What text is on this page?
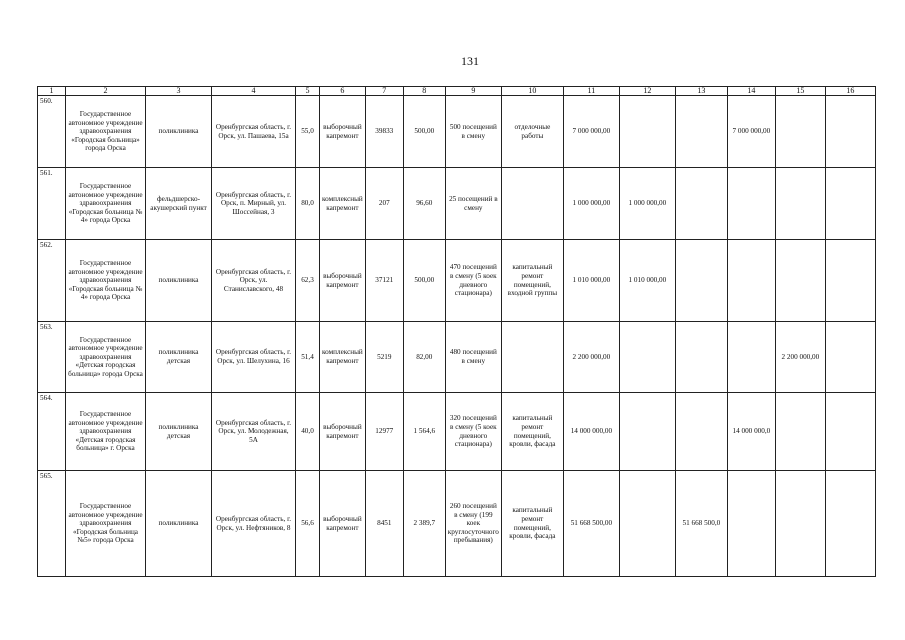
131
1	2	3	4	5	6	7	8	9	10	11	12	13	14	15	16
560.	Государственное автономное учреждение здравоохранения «Городская больница» города Орска	поликлиника	Оренбургская область, г. Орск, ул. Пашаева, 15а	55,0	выборочный капремонт	39833	500,00	500 посещений в смену	отделочные работы	7 000 000,00			7 000 000,00		
561.	Государственное автономное учреждение здравоохранения «Городская больница № 4» города Орска	фельдшерско-акушерский пункт	Оренбургская область, г. Орск, п. Мирный, ул. Шоссейная, 3	80,0	комплексный капремонт	207	96,60	25 посещений в смену		1 000 000,00	1 000 000,00				
562.	Государственное автономное учреждение здравоохранения «Городская больница № 4» города Орска	поликлиника	Оренбургская область, г. Орск, ул. Станиславского, 48	62,3	выборочный капремонт	37121	500,00	470 посещений в смену (5 коек дневного стационара)	капитальный ремонт помещений, входной группы	1 010 000,00	1 010 000,00				
563.	Государственное автономное учреждение здравоохранения «Детская городская больница» города Орска	поликлиника детская	Оренбургская область, г. Орск, ул. Шелухина, 16	51,4	комплексный капремонт	5219	82,00	480 посещений в смену		2 200 000,00				2 200 000,00	
564.	Государственное автономное учреждение здравоохранения «Детская городская больница» г. Орска	поликлиника детская	Оренбургская область, г. Орск, ул. Молодежная, 5А	40,0	выборочный капремонт	12977	1 564,6	320 посещений в смену (5 коек дневного стационара)	капитальный ремонт помещений, кровли, фасада	14 000 000,00			14 000 000,0		
565.	Государственное автономное учреждение здравоохранения «Городская больница №5» города Орска	поликлиника	Оренбургская область, г. Орск, ул. Нефтяников, 8	56,6	выборочный капремонт	8451	2 389,7	260 посещений в смену (199 коек круглосуточного пребывания)	капитальный ремонт помещений, кровли, фасада	51 668 500,00		51 668 500,0			
